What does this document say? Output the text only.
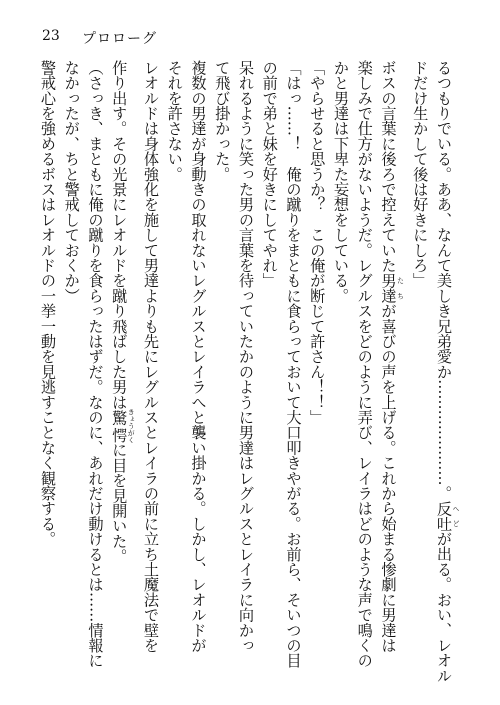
23 プロローグ
るつもりでいる。ああ、なんて美しき兄弟愛か…………………。反吐 へどが出る。おい、レオル
ドだけ生かして後は好きにしろ」
ボスの言葉に後ろで控えていた男達 たちが喜びの声を上げる。これから始まる惨劇に男達は
楽しみで仕方がないようだ。レグルスをどのように弄び、レイラはどのような声で鳴くの
かと男達は下卑た妄想をしている。
「やらせると思うか？　この俺が断じて許さん！！」
「はっ……！　俺の蹴りをまともに食らっておいて大口叩きやがる。お前ら、そいつの目
の前で弟と妹を好きにしてやれ」
呆れるように笑った男の言葉を待っていたかのように男達はレグルスとレイラに向かっ
て飛び掛かった。
複数の男達が身動きの取れないレグルスとレイラへと襲い掛かる。しかし、レオルドが
それを許さない。
レオルドは身体強化を施して男達よりも先にレグルスとレイラの前に立ち土魔法で壁を
作り出す。その光景にレオルドを蹴り飛ばした男は驚愕 きょうがくに目を見開いた。
（さっき、まともに俺の蹴りを食らったはずだ。なのに、あれだけ動けるとは……情報に
なかったが、ちと警戒しておくか）
警戒心を強めるボスはレオルドの一挙一動を見逃すことなく観察する。
